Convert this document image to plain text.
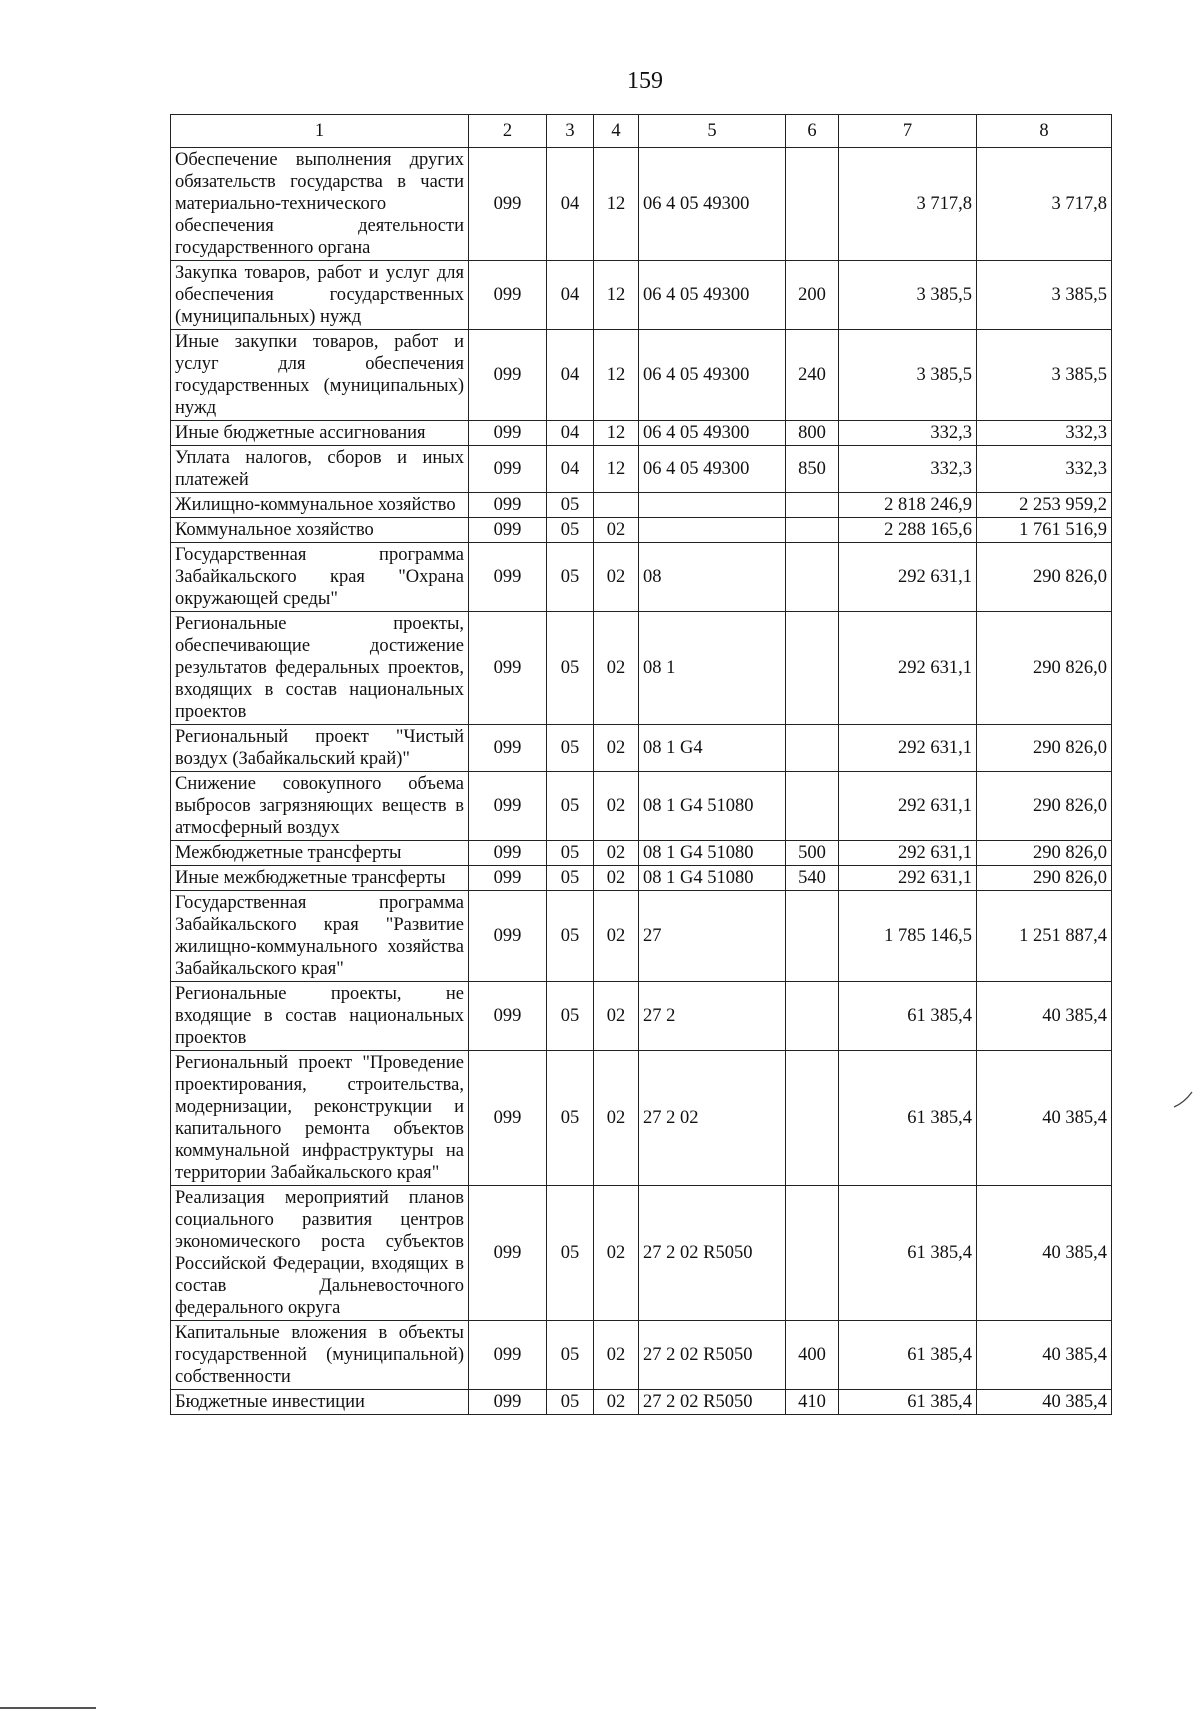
159
1	2	3	4	5	6	7	8
Обеспечение выполнения других обязательств государства в части материально-технического обеспечения деятельности государственного органа	099	04	12	06 4 05 49300		3 717,8	3 717,8
Закупка товаров, работ и услуг для обеспечения государственных (муниципальных) нужд	099	04	12	06 4 05 49300	200	3 385,5	3 385,5
Иные закупки товаров, работ и услуг для обеспечения государственных (муниципальных) нужд	099	04	12	06 4 05 49300	240	3 385,5	3 385,5
Иные бюджетные ассигнования	099	04	12	06 4 05 49300	800	332,3	332,3
Уплата налогов, сборов и иных платежей	099	04	12	06 4 05 49300	850	332,3	332,3
Жилищно-коммунальное хозяйство	099	05				2 818 246,9	2 253 959,2
Коммунальное хозяйство	099	05	02			2 288 165,6	1 761 516,9
Государственная программа Забайкальского края "Охрана окружающей среды"	099	05	02	08		292 631,1	290 826,0
Региональные проекты, обеспечивающие достижение результатов федеральных проектов, входящих в состав национальных проектов	099	05	02	08 1		292 631,1	290 826,0
Региональный проект "Чистый воздух (Забайкальский край)"	099	05	02	08 1 G4		292 631,1	290 826,0
Снижение совокупного объема выбросов загрязняющих веществ в атмосферный воздух	099	05	02	08 1 G4 51080		292 631,1	290 826,0
Межбюджетные трансферты	099	05	02	08 1 G4 51080	500	292 631,1	290 826,0
Иные межбюджетные трансферты	099	05	02	08 1 G4 51080	540	292 631,1	290 826,0
Государственная программа Забайкальского края "Развитие жилищно-коммунального хозяйства Забайкальского края"	099	05	02	27		1 785 146,5	1 251 887,4
Региональные проекты, не входящие в состав национальных проектов	099	05	02	27 2		61 385,4	40 385,4
Региональный проект "Проведение проектирования, строительства, модернизации, реконструкции и капитального ремонта объектов коммунальной инфраструктуры на территории Забайкальского края"	099	05	02	27 2 02		61 385,4	40 385,4
Реализация мероприятий планов социального развития центров экономического роста субъектов Российской Федерации, входящих в состав Дальневосточного федерального округа	099	05	02	27 2 02 R5050		61 385,4	40 385,4
Капитальные вложения в объекты государственной (муниципальной) собственности	099	05	02	27 2 02 R5050	400	61 385,4	40 385,4
Бюджетные инвестиции	099	05	02	27 2 02 R5050	410	61 385,4	40 385,4
